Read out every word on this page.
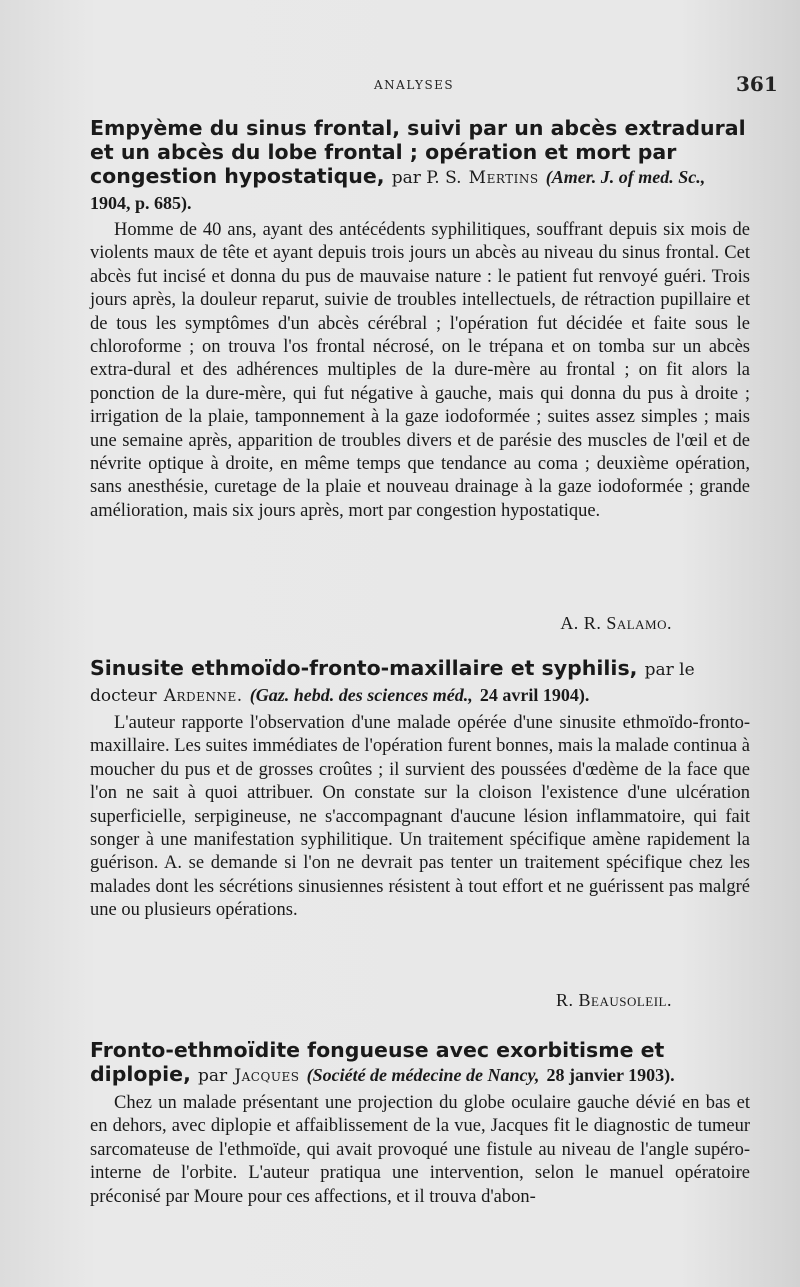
ANALYSES	361

Empyème du sinus frontal, suivi par un abcès extradural et un abcès du lobe frontal ; opération et mort par congestion hypostatique, par P. S. Mertins (Amer. J. of med. Sc., 1904, p. 685).

Homme de 40 ans, ayant des antécédents syphilitiques, souffrant depuis six mois de violents maux de tête et ayant depuis trois jours un abcès au niveau du sinus frontal. Cet abcès fut incisé et donna du pus de mauvaise nature : le patient fut renvoyé guéri. Trois jours après, la douleur reparut, suivie de troubles intellectuels, de rétraction pupillaire et de tous les symptômes d'un abcès cérébral ; l'opération fut décidée et faite sous le chloroforme ; on trouva l'os frontal nécrosé, on le trépana et on tomba sur un abcès extra-dural et des adhérences multiples de la dure-mère au frontal ; on fit alors la ponction de la dure-mère, qui fut négative à gauche, mais qui donna du pus à droite ; irrigation de la plaie, tamponnement à la gaze iodoformée ; suites assez simples ; mais une semaine après, apparition de troubles divers et de parésie des muscles de l'œil et de névrite optique à droite, en même temps que tendance au coma ; deuxième opération, sans anesthésie, curetage de la plaie et nouveau drainage à la gaze iodoformée ; grande amélioration, mais six jours après, mort par congestion hypostatique.

A. R. Salamo.

Sinusite ethmoïdo-fronto-maxillaire et syphilis, par le docteur Ardenne. (Gaz. hebd. des sciences méd., 24 avril 1904).

L'auteur rapporte l'observation d'une malade opérée d'une sinusite ethmoïdo-fronto-maxillaire. Les suites immédiates de l'opération furent bonnes, mais la malade continua à moucher du pus et de grosses croûtes ; il survient des poussées d'œdème de la face que l'on ne sait à quoi attribuer. On constate sur la cloison l'existence d'une ulcération superficielle, serpigineuse, ne s'accompagnant d'aucune lésion inflammatoire, qui fait songer à une manifestation syphilitique. Un traitement spécifique amène rapidement la guérison. A. se demande si l'on ne devrait pas tenter un traitement spécifique chez les malades dont les sécrétions sinusiennes résistent à tout effort et ne guérissent pas malgré une ou plusieurs opérations.

R. Beausoleil.

Fronto-ethmoïdite fongueuse avec exorbitisme et diplopie, par Jacques (Société de médecine de Nancy, 28 janvier 1903).

Chez un malade présentant une projection du globe oculaire gauche dévié en bas et en dehors, avec diplopie et affaiblissement de la vue, Jacques fit le diagnostic de tumeur sarcomateuse de l'ethmoïde, qui avait provoqué une fistule au niveau de l'angle supéro-interne de l'orbite. L'auteur pratiqua une intervention, selon le manuel opératoire préconisé par Moure pour ces affections, et il trouva d'abon-
